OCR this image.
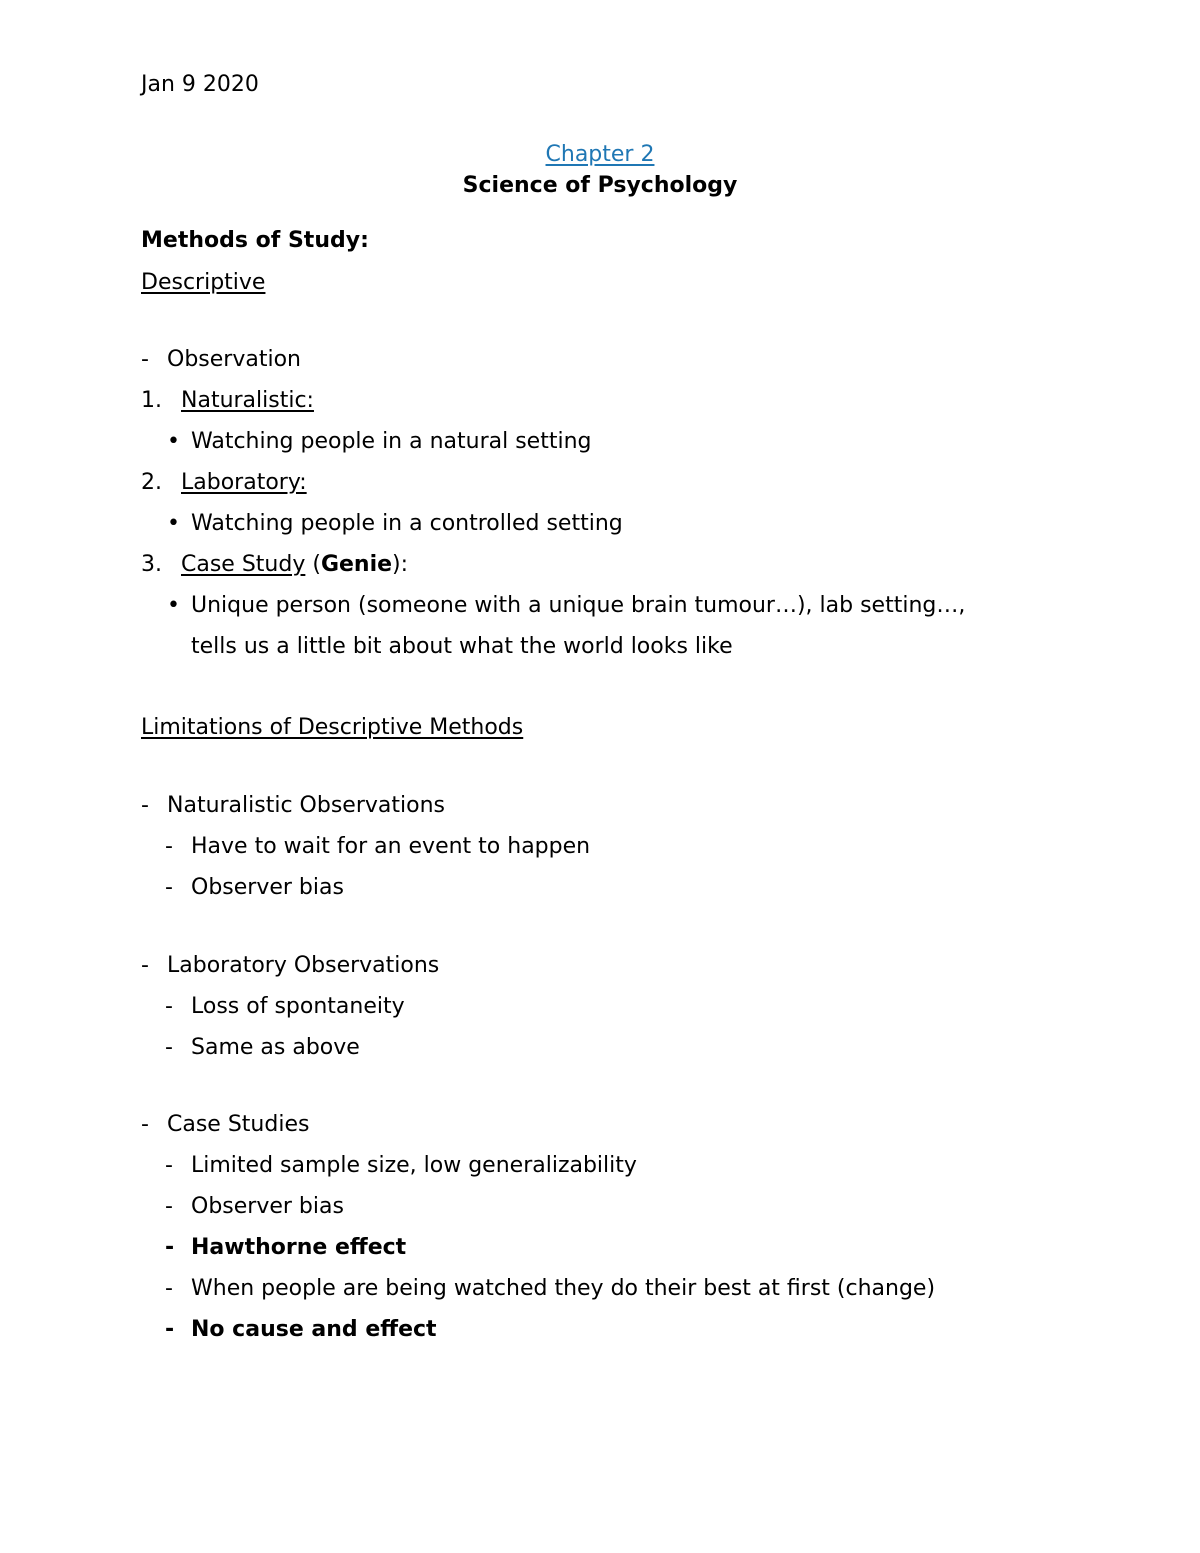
Jan 9 2020
Chapter 2
Science of Psychology
Methods of Study:
Descriptive
- Observation
1. Naturalistic:
• Watching people in a natural setting
2. Laboratory:
• Watching people in a controlled setting
3. Case Study (Genie):
• Unique person (someone with a unique brain tumour…), lab setting…,
tells us a little bit about what the world looks like
Limitations of Descriptive Methods
- Naturalistic Observations
- Have to wait for an event to happen
- Observer bias
- Laboratory Observations
- Loss of spontaneity
- Same as above
- Case Studies
- Limited sample size, low generalizability
- Observer bias
- Hawthorne effect
- When people are being watched they do their best at first (change)
- No cause and effect
